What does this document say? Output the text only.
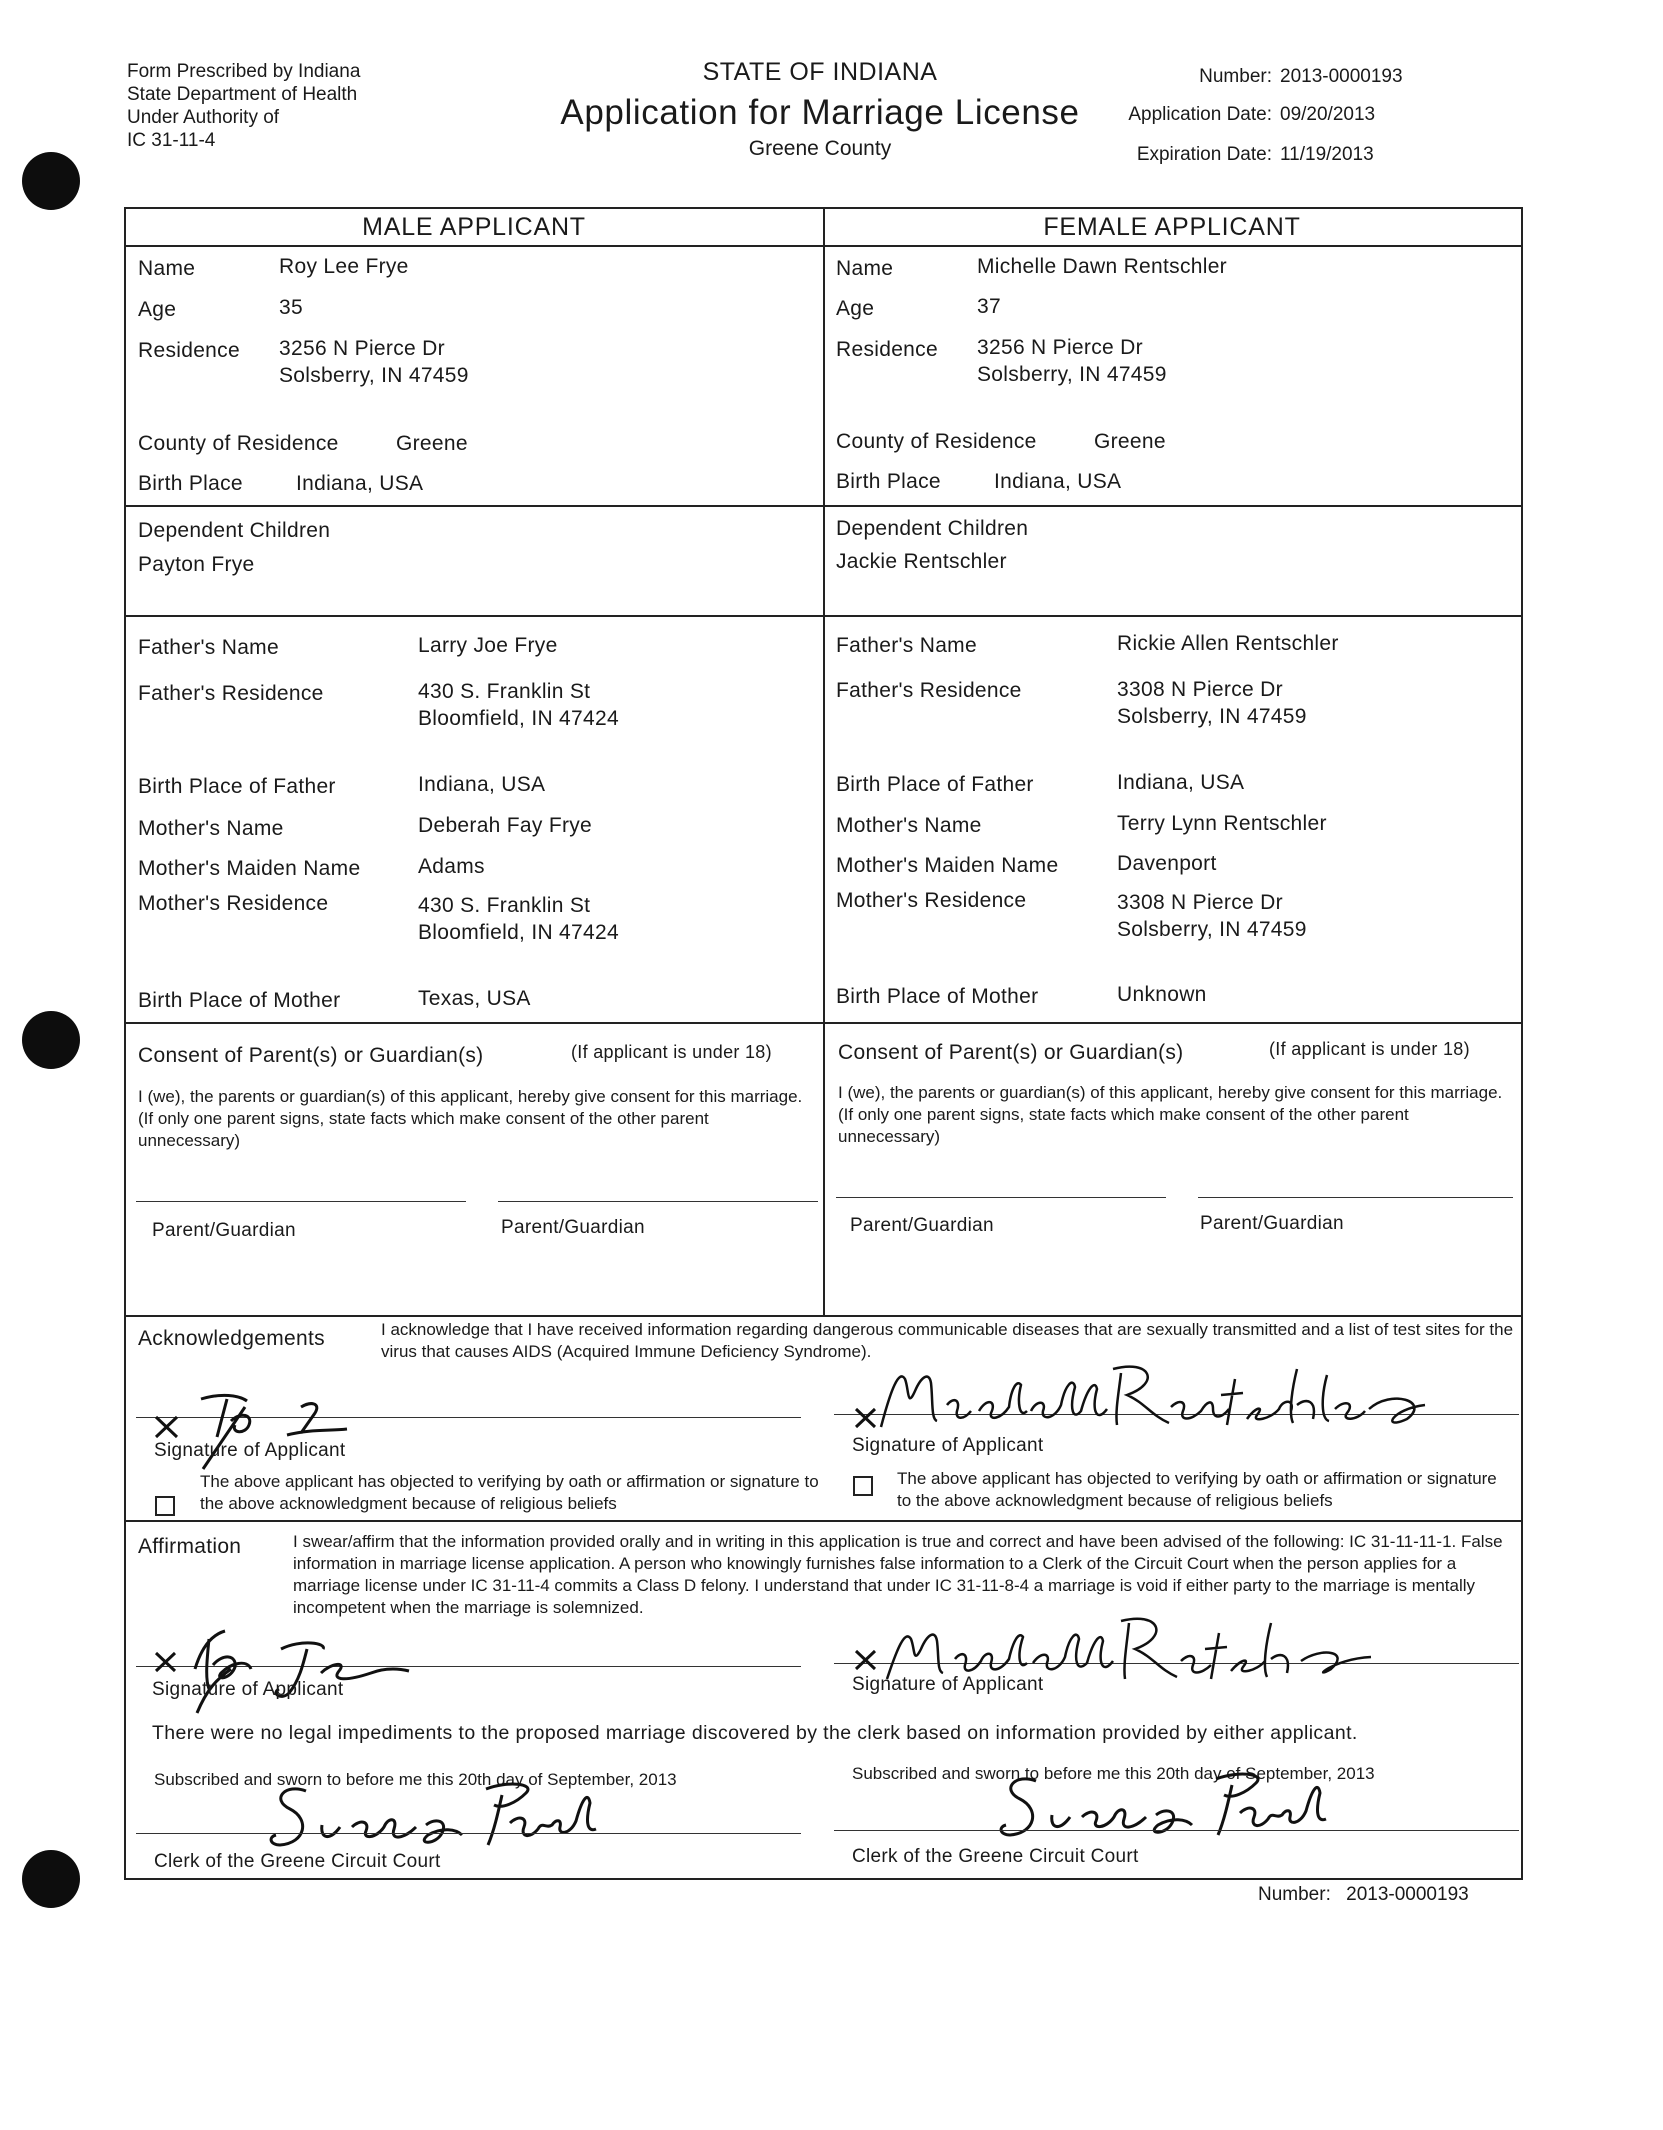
Form Prescribed by Indiana
State Department of Health
Under Authority of
IC 31-11-4
STATE OF INDIANA
Application for Marriage License
Greene County
Number: 2013-0000193
Application Date: 09/20/2013
Expiration Date: 11/19/2013
MALE APPLICANT	FEMALE APPLICANT
Name	Roy Lee Frye
Age	35
Residence 3256 N Pierce Dr
Solsberry, IN 47459
County of Residence	Greene
Birth Place	Indiana, USA
Dependent Children
Payton Frye
Father's Name	Larry Joe Frye
Father's Residence	430 S. Franklin St
Bloomfield, IN 47424
Birth Place of Father	Indiana, USA
Mother's Name	Deberah Fay Frye
Mother's Maiden Name	Adams
Mother's Residence	430 S. Franklin St
Bloomfield, IN 47424
Birth Place of Mother	Texas, USA
Consent of Parent(s) or Guardian(s)	(If applicant is under 18)
I (we), the parents or guardian(s) of this applicant, hereby give consent for this marriage. (If only one parent signs, state facts which make consent of the other parent unnecessary)
Parent/Guardian	Parent/Guardian
Name	Michelle Dawn Rentschler
Age	37
Residence 3256 N Pierce Dr
Solsberry, IN 47459
County of Residence	Greene
Birth Place	Indiana, USA
Dependent Children
Jackie Rentschler
Father's Name	Rickie Allen Rentschler
Father's Residence	3308 N Pierce Dr
Solsberry, IN 47459
Birth Place of Father	Indiana, USA
Mother's Name	Terry Lynn Rentschler
Mother's Maiden Name	Davenport
Mother's Residence	3308 N Pierce Dr
Solsberry, IN 47459
Birth Place of Mother	Unknown
Consent of Parent(s) or Guardian(s)	(If applicant is under 18)
I (we), the parents or guardian(s) of this applicant, hereby give consent for this marriage. (If only one parent signs, state facts which make consent of the other parent unnecessary)
Parent/Guardian	Parent/Guardian
Acknowledgements	I acknowledge that I have received information regarding dangerous communicable diseases that are sexually transmitted and a list of test sites for the virus that causes AIDS (Acquired Immune Deficiency Syndrome).
Signature of Applicant	Signature of Applicant
The above applicant has objected to verifying by oath or affirmation or signature to the above acknowledgment because of religious beliefs
The above applicant has objected to verifying by oath or affirmation or signature to the above acknowledgment because of religious beliefs
Affirmation	I swear/affirm that the information provided orally and in writing in this application is true and correct and have been advised of the following: IC 31-11-11-1. False information in marriage license application. A person who knowingly furnishes false information to a Clerk of the Circuit Court when the person applies for a marriage license under IC 31-11-4 commits a Class D felony. I understand that under IC 31-11-8-4 a marriage is void if either party to the marriage is mentally incompetent when the marriage is solemnized.
Signature of Applicant	Signature of Applicant
There were no legal impediments to the proposed marriage discovered by the clerk based on information provided by either applicant.
Subscribed and sworn to before me this 20th day of September, 2013	Subscribed and sworn to before me this 20th day of September, 2013
Clerk of the Greene Circuit Court	Clerk of the Greene Circuit Court
Number: 2013-0000193
